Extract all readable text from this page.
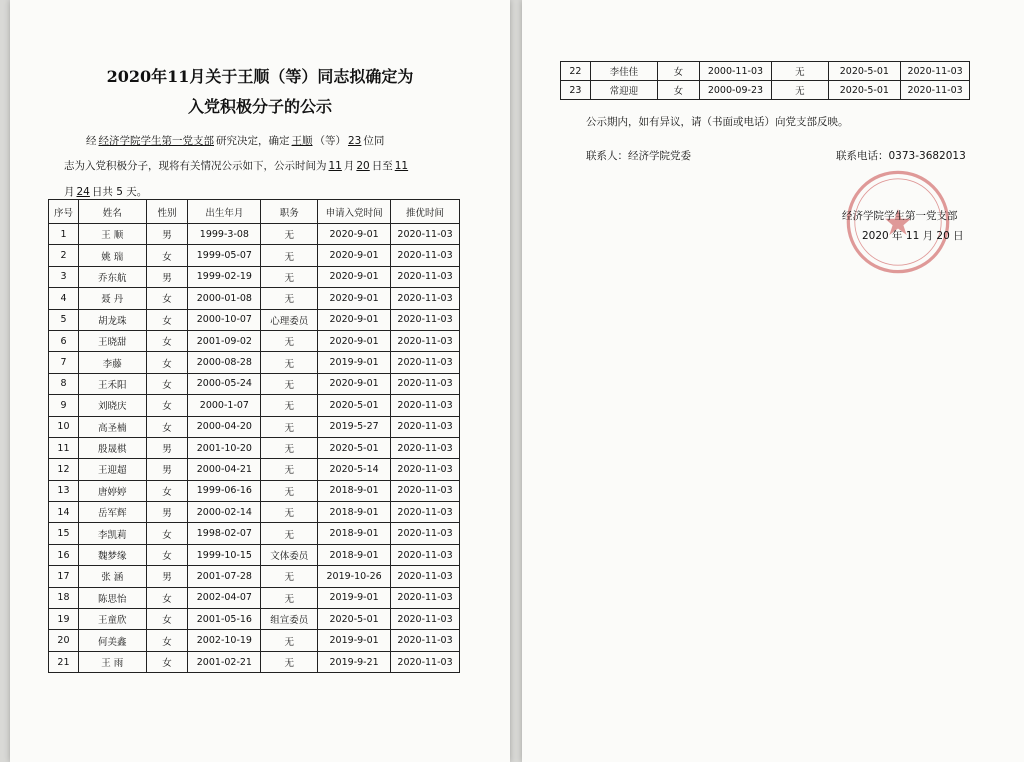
2020年11月关于王顺（等）同志拟确定为
入党积极分子的公示
经 经济学院学生第一党支部 研究决定，确定 王顺 （等） 23 位同
志为入党积极分子，现将有关情况公示如下，公示时间为 11 月 20 日至 11
月 24 日共 5 天。
序号	姓名	性别	出生年月	职务	申请入党时间	推优时间
1	王 顺	男	1999-3-08	无	2020-9-01	2020-11-03
2	姚 瑞	女	1999-05-07	无	2020-9-01	2020-11-03
3	乔东航	男	1999-02-19	无	2020-9-01	2020-11-03
4	聂 丹	女	2000-01-08	无	2020-9-01	2020-11-03
5	胡龙珠	女	2000-10-07	心理委员	2020-9-01	2020-11-03
6	王晓甜	女	2001-09-02	无	2020-9-01	2020-11-03
7	李藤	女	2000-08-28	无	2019-9-01	2020-11-03
8	王禾阳	女	2000-05-24	无	2020-9-01	2020-11-03
9	刘晓庆	女	2000-1-07	无	2020-5-01	2020-11-03
10	高圣楠	女	2000-04-20	无	2019-5-27	2020-11-03
11	殷晟棋	男	2001-10-20	无	2020-5-01	2020-11-03
12	王迎超	男	2000-04-21	无	2020-5-14	2020-11-03
13	唐婷婷	女	1999-06-16	无	2018-9-01	2020-11-03
14	岳军辉	男	2000-02-14	无	2018-9-01	2020-11-03
15	李凯莉	女	1998-02-07	无	2018-9-01	2020-11-03
16	魏梦缘	女	1999-10-15	文体委员	2018-9-01	2020-11-03
17	张 涵	男	2001-07-28	无	2019-10-26	2020-11-03
18	陈思怡	女	2002-04-07	无	2019-9-01	2020-11-03
19	王童欣	女	2001-05-16	组宣委员	2020-5-01	2020-11-03
20	何美鑫	女	2002-10-19	无	2019-9-01	2020-11-03
21	王 雨	女	2001-02-21	无	2019-9-21	2020-11-03
22	李佳佳	女	2000-11-03	无	2020-5-01	2020-11-03
23	常迎迎	女	2000-09-23	无	2020-5-01	2020-11-03
公示期内，如有异议，请（书面或电话）向党支部反映。
联系人：经济学院党委	联系电话：0373-3682013
经济学院学生第一党支部
2020 年 11 月 20 日
